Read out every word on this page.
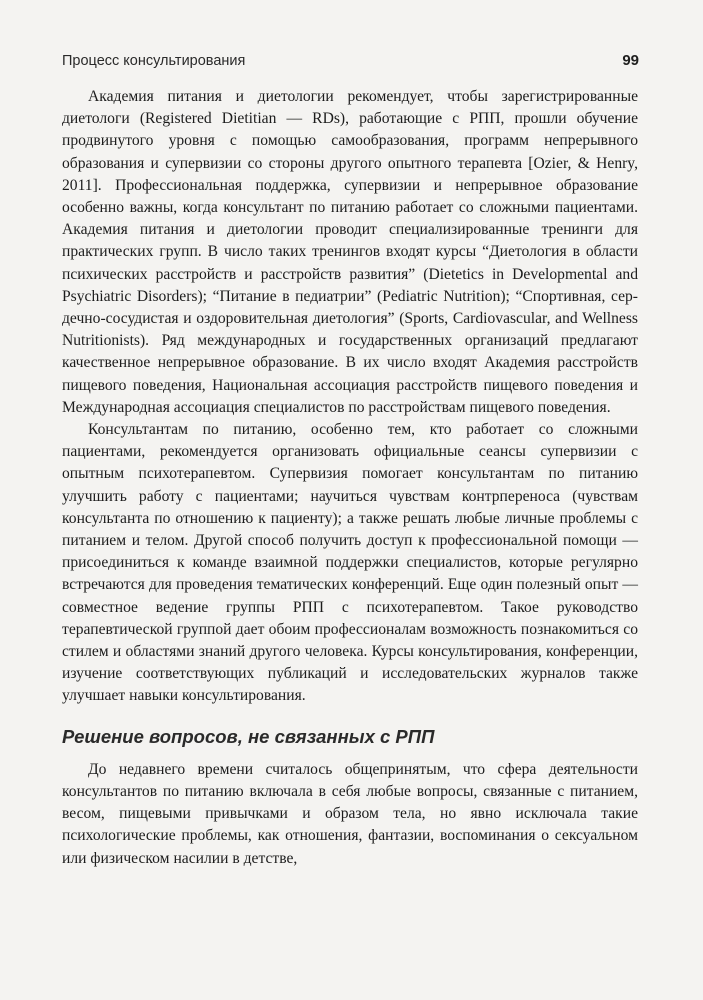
Процесс консультирования	99

Академия питания и диетологии рекомендует, чтобы зарегистрированные диетологи (Registered Dietitian — RDs), работающие с РПП, прошли обучение продвинутого уровня с помощью самообразования, программ непрерывного образования и супервизии со стороны другого опытного терапевта [Ozier, & Henry, 2011]. Профессиональная поддержка, супервизии и непрерывное образование особенно важны, когда консультант по питанию работает со сложными пациентами. Академия питания и диетологии проводит специализированные тренинги для практических групп. В число таких тренингов входят курсы “Диетология в области психических расстройств и расстройств развития” (Dietetics in Developmental and Psychiatric Disorders); “Питание в педиатрии” (Pediatric Nutrition); “Спортивная, сердечно-сосудистая и оздоровительная диетология” (Sports, Cardiovascular, and Wellness Nutritionists). Ряд международных и государственных организаций предлагают качественное непрерывное образование. В их число входят Академия расстройств пищевого поведения, Национальная ассоциация расстройств пищевого поведения и Международная ассоциация специалистов по расстройствам пищевого поведения.

Консультантам по питанию, особенно тем, кто работает со сложными пациентами, рекомендуется организовать официальные сеансы супервизии с опытным психотерапевтом. Супервизия помогает консультантам по питанию улучшить работу с пациентами; научиться чувствам контрпереноса (чувствам консультанта по отношению к пациенту); а также решать любые личные проблемы с питанием и телом. Другой способ получить доступ к профессиональной помощи — присоединиться к команде взаимной поддержки специалистов, которые регулярно встречаются для проведения тематических конференций. Еще один полезный опыт — совместное ведение группы РПП с психотерапевтом. Такое руководство терапевтической группой дает обоим профессионалам возможность познакомиться со стилем и областями знаний другого человека. Курсы консультирования, конференции, изучение соответствующих публикаций и исследовательских журналов также улучшает навыки консультирования.

Решение вопросов, не связанных с РПП

До недавнего времени считалось общепринятым, что сфера деятельности консультантов по питанию включала в себя любые вопросы, связанные с питанием, весом, пищевыми привычками и образом тела, но явно исключала такие психологические проблемы, как отношения, фантазии, воспоминания о сексуальном или физическом насилии в детстве,
